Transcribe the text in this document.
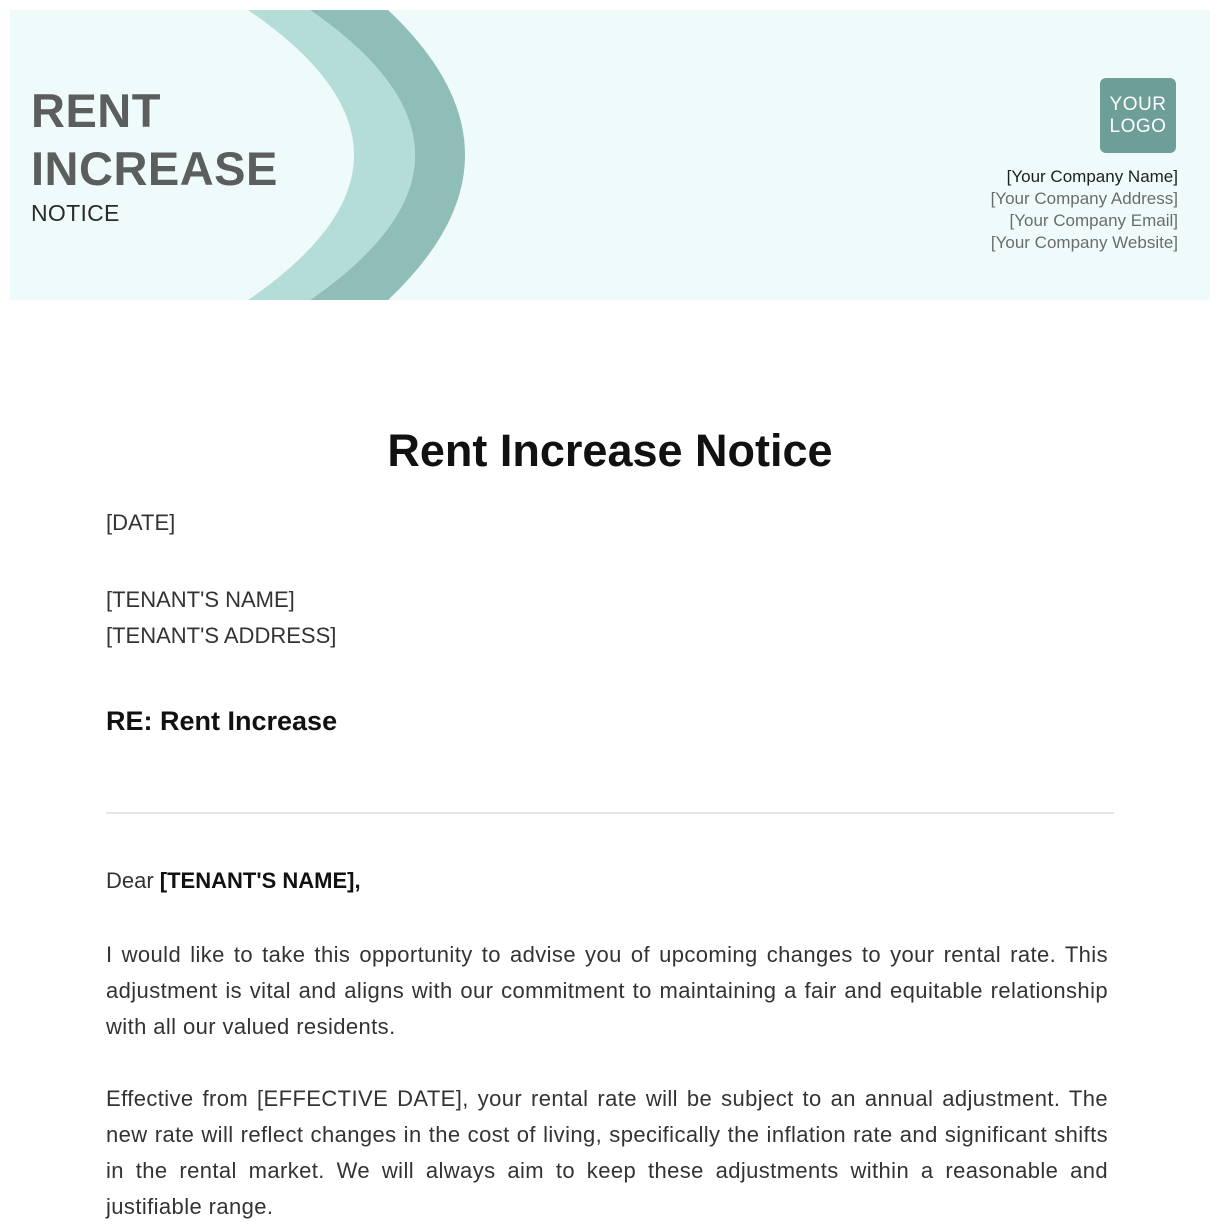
RENT
INCREASE
NOTICE
YOUR
LOGO
[Your Company Name]
[Your Company Address]
[Your Company Email]
[Your Company Website]
Rent Increase Notice
[DATE]
[TENANT'S NAME]
[TENANT'S ADDRESS]
RE: Rent Increase
Dear [TENANT'S NAME],
I would like to take this opportunity to advise you of upcoming changes to your rental rate. This adjustment is vital and aligns with our commitment to maintaining a fair and equitable relationship with all our valued residents.
Effective from [EFFECTIVE DATE], your rental rate will be subject to an annual adjustment. The new rate will reflect changes in the cost of living, specifically the inflation rate and significant shifts in the rental market. We will always aim to keep these adjustments within a reasonable and justifiable range.
